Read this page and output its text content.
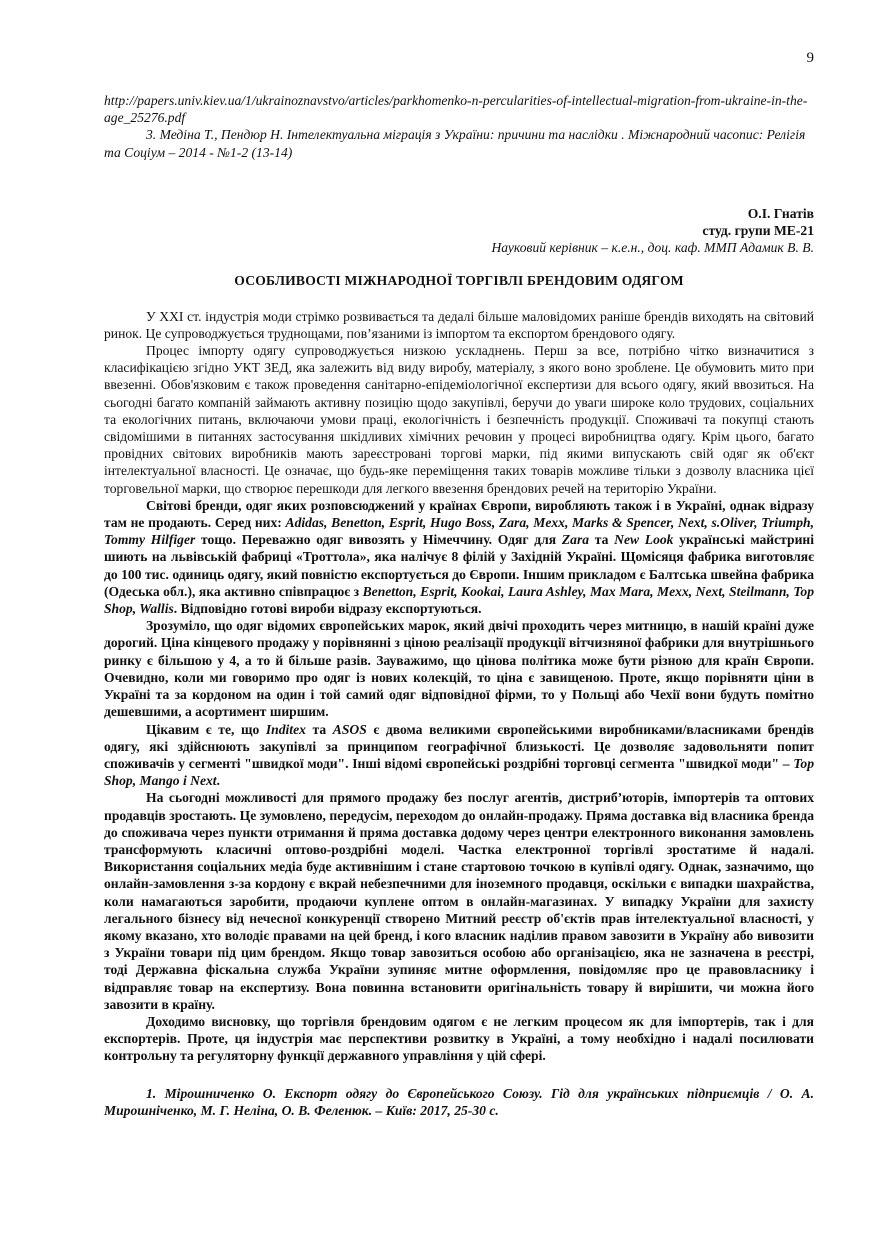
9

http://papers.univ.kiev.ua/1/ukrainoznavstvo/articles/parkhomenko-n-percularities-of-intellectual-migration-from-ukraine-in-the-age_25276.pdf

3. Медіна Т., Пендюр Н. Інтелектуальна міграція з України: причини та наслідки . Міжнародний часопис: Релігія та Соціум – 2014 - №1-2 (13-14)

О.І. Гнатів
студ. групи МЕ-21
Науковий керівник – к.е.н., доц. каф. ММП Адамик В. В.
ОСОБЛИВОСТІ МІЖНАРОДНОЇ ТОРГІВЛІ БРЕНДОВИМ ОДЯГОМ

У XXI ст. індустрія моди стрімко розвивається та дедалі більше маловідомих раніше брендів виходять на світовий ринок. Це супроводжується труднощами, пов’язаними із імпортом та експортом брендового одягу.

Процес імпорту одягу супроводжується низкою ускладнень. Перш за все, потрібно чітко визначитися з класифікацією згідно УКТ ЗЕД, яка залежить від виду виробу, матеріалу, з якого воно зроблене. Це обумовить мито при ввезенні. Обов'язковим є також проведення санітарно-епідеміологічної експертизи для всього одягу, який ввозиться. На сьогодні багато компаній займають активну позицію щодо закупівлі, беручи до уваги широке коло трудових, соціальних та екологічних питань, включаючи умови праці, екологічність і безпечність продукції. Споживачі та покупці стають свідомішими в питаннях застосування шкідливих хімічних речовин у процесі виробництва одягу. Крім цього, багато провідних світових виробників мають зареєстровані торгові марки, під якими випускають свій одяг як об'єкт інтелектуальної власності. Це означає, що будь-яке переміщення таких товарів можливе тільки з дозволу власника цієї торговельної марки, що створює перешкоди для легкого ввезення брендових речей на територію України.

Світові бренди, одяг яких розповсюджений у країнах Європи, виробляють також і в Україні, однак відразу там не продають. Серед них: Adidas, Benetton, Esprit, Hugo Boss, Zara, Mexx, Marks & Spencer, Next, s.Oliver, Triumph, Tommy Hilfiger тощо. Переважно одяг вивозять у Німеччину. Одяг для Zara та New Look українські майстрині шиють на львівській фабриці «Троттола», яка налічує 8 філій у Західній Україні. Щомісяця фабрика виготовляє до 100 тис. одиниць одягу, який повністю експортується до Європи. Іншим прикладом є Балтська швейна фабрика (Одеська обл.), яка активно співпрацює з Benetton, Esprit, Kookai, Laura Ashley, Max Mara, Mexx, Next, Steilmann, Top Shop, Wallis. Відповідно готові вироби відразу експортуються.

Зрозуміло, що одяг відомих європейських марок, який двічі проходить через митницю, в нашій країні дуже дорогий. Ціна кінцевого продажу у порівнянні з ціною реалізації продукції вітчизняної фабрики для внутрішнього ринку є більшою у 4, а то й більше разів. Зауважимо, що цінова політика може бути різною для країн Європи. Очевидно, коли ми говоримо про одяг із нових колекцій, то ціна є завищеною. Проте, якщо порівняти ціни в Україні та за кордоном на один і той самий одяг відповідної фірми, то у Польщі або Чехії вони будуть помітно дешевшими, а асортимент ширшим.

Цікавим є те, що Inditex та ASOS є двома великими європейськими виробниками/власниками брендів одягу, які здійснюють закупівлі за принципом географічної близькості. Це дозволяє задовольняти попит споживачів у сегменті "швидкої моди". Інші відомі європейські роздрібні торговці сегмента "швидкої моди" – Top Shop, Mango і Next.

На сьогодні можливості для прямого продажу без послуг агентів, дистриб’юторів, імпортерів та оптових продавців зростають. Це зумовлено, передусім, переходом до онлайн-продажу. Пряма доставка від власника бренда до споживача через пункти отримання й пряма доставка додому через центри електронного виконання замовлень трансформують класичні оптово-роздрібні моделі. Частка електронної торгівлі зростатиме й надалі. Використання соціальних медіа буде активнішим і стане стартовою точкою в купівлі одягу. Однак, зазначимо, що онлайн-замовлення з-за кордону є вкрай небезпечними для іноземного продавця, оскільки є випадки шахрайства, коли намагаються заробити, продаючи куплене оптом в онлайн-магазинах. У випадку України для захисту легального бізнесу від нечесної конкуренції створено Митний реєстр об'єктів прав інтелектуальної власності, у якому вказано, хто володіє правами на цей бренд, і кого власник наділив правом завозити в Україну або вивозити з України товари під цим брендом. Якщо товар завозиться особою або організацією, яка не зазначена в реєстрі, тоді Державна фіскальна служба України зупиняє митне оформлення, повідомляє про це правовласнику і відправляє товар на експертизу. Вона повинна встановити оригінальність товару й вирішити, чи можна його завозити в країну.

Доходимо висновку, що торгівля брендовим одягом є не легким процесом як для імпортерів, так і для експортерів. Проте, ця індустрія має перспективи розвитку в Україні, а тому необхідно і надалі посилювати контрольну та регуляторну функції державного управління у цій сфері.

1. Мірошниченко О. Експорт одягу до Європейського Союзу. Гід для українських підприємців / О. А. Мирошніченко, М. Г. Неліна, О. В. Феленюк. – Київ: 2017, 25-30 с.
